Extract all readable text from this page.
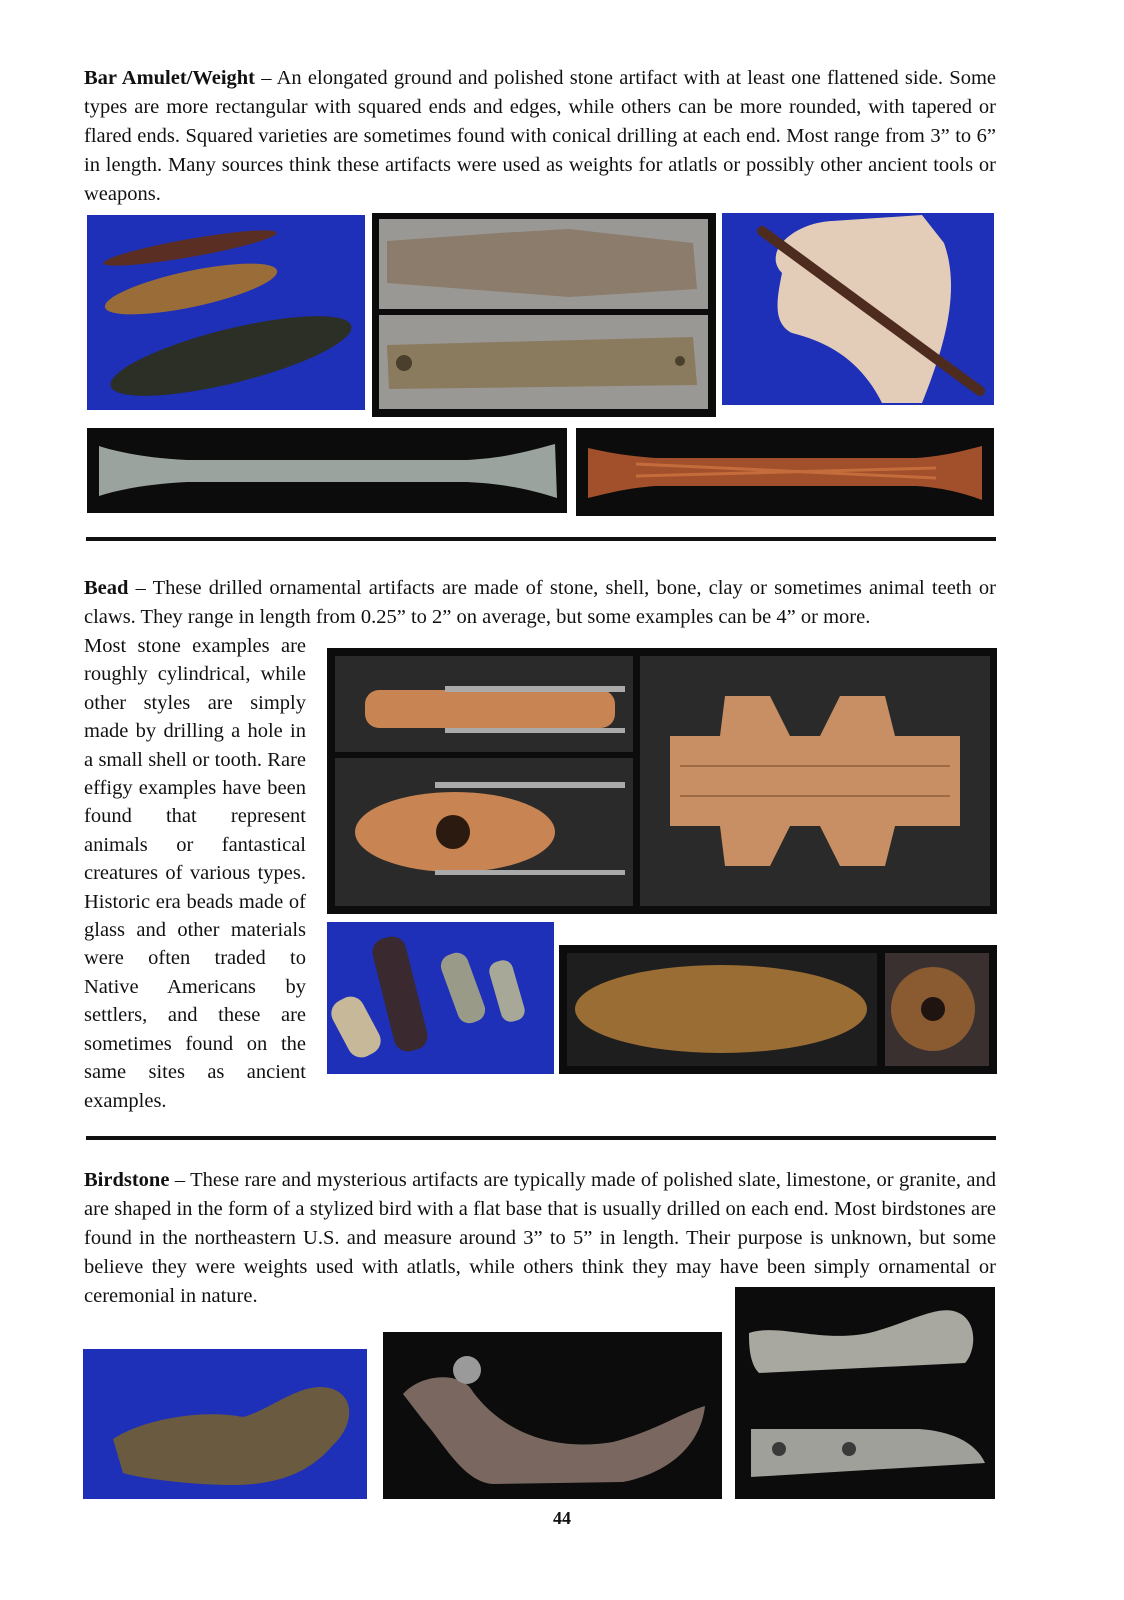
Bar Amulet/Weight – An elongated ground and polished stone artifact with at least one flattened side. Some types are more rectangular with squared ends and edges, while others can be more rounded, with tapered or flared ends. Squared varieties are sometimes found with conical drilling at each end. Most range from 3” to 6” in length. Many sources think these artifacts were used as weights for atlatls or possibly other ancient tools or weapons.
Bead – These drilled ornamental artifacts are made of stone, shell, bone, clay or sometimes animal teeth or claws. They range in length from 0.25” to 2” on average, but some examples can be 4” or more.
Most stone examples are roughly cylindrical, while other styles are simply made by drilling a hole in a small shell or tooth. Rare effigy examples have been found that represent animals or fantastical creatures of various types. Historic era beads made of glass and other materials were often traded to Native Americans by settlers, and these are sometimes found on the same sites as ancient examples.
Birdstone – These rare and mysterious artifacts are typically made of polished slate, limestone, or granite, and are shaped in the form of a stylized bird with a flat base that is usually drilled on each end. Most birdstones are found in the northeastern U.S. and measure around 3” to 5” in length. Their purpose is unknown, but some believe they were weights used with atlatls, while others think they may have been simply ornamental or ceremonial in nature.
44
